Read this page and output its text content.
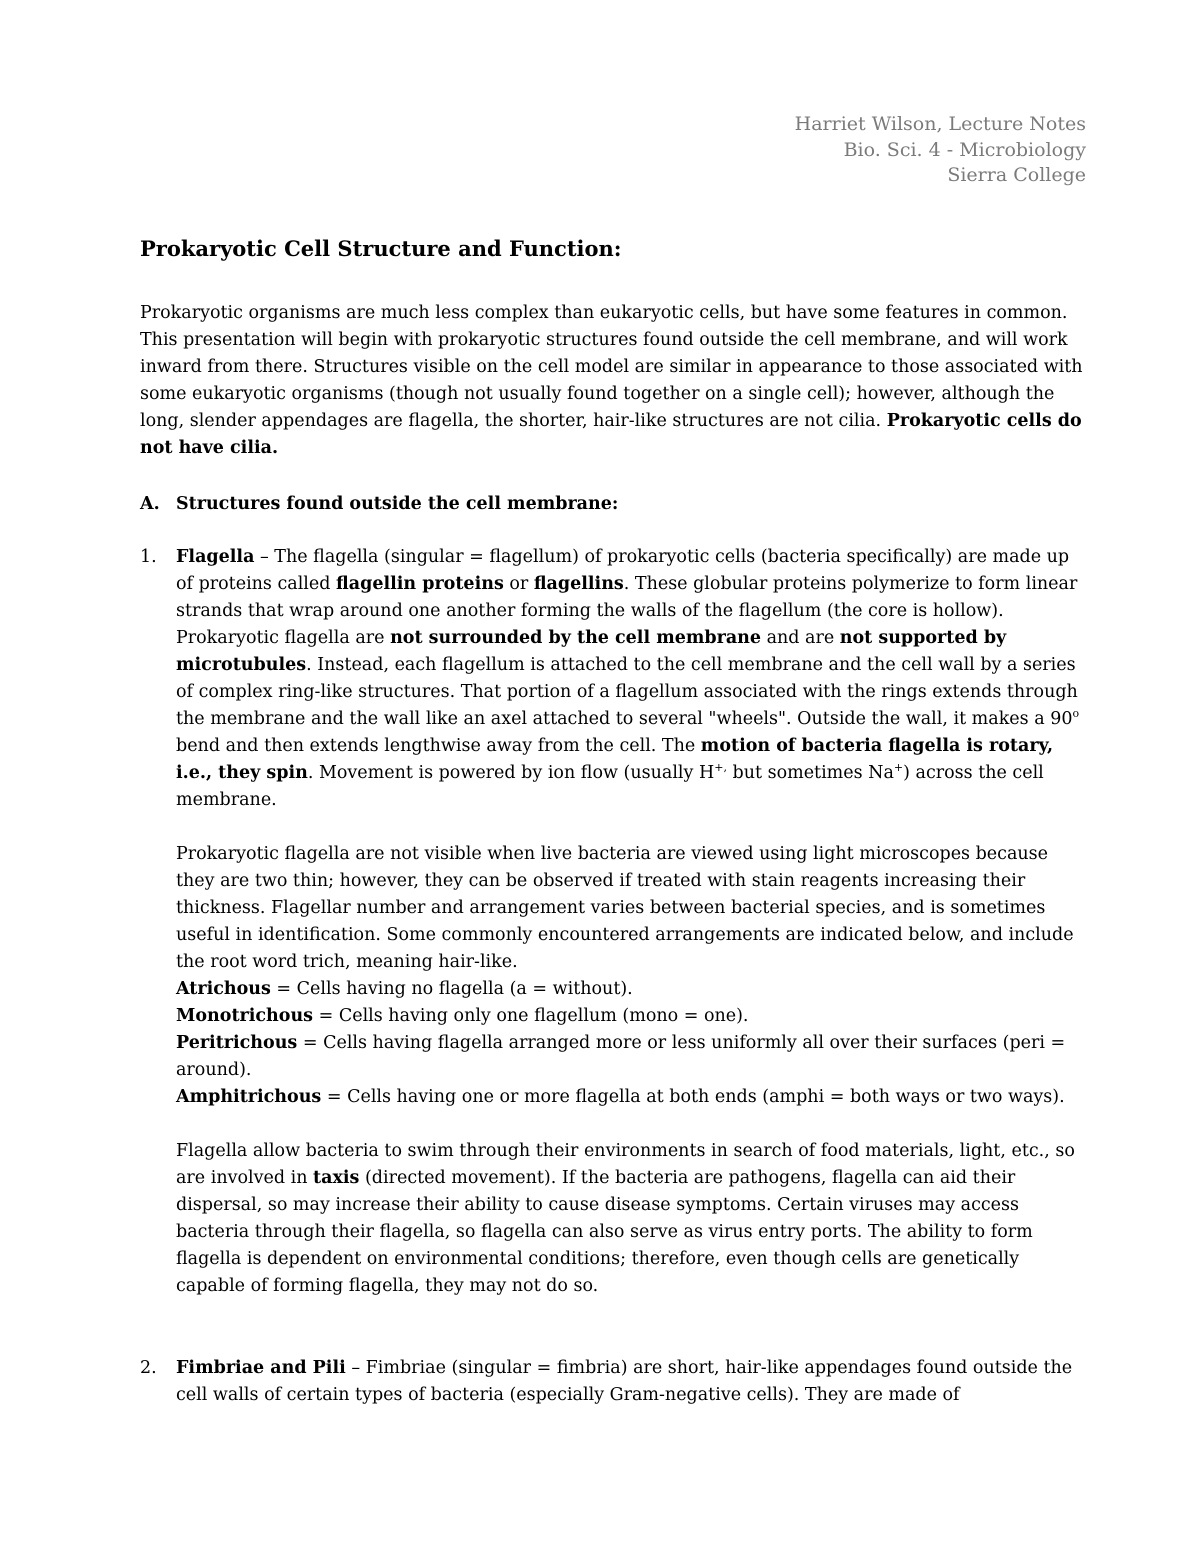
Harriet Wilson, Lecture Notes
Bio. Sci. 4 - Microbiology
Sierra College
Prokaryotic Cell Structure and Function:
Prokaryotic organisms are much less complex than eukaryotic cells, but have some features in common. This presentation will begin with prokaryotic structures found outside the cell membrane, and will work inward from there. Structures visible on the cell model are similar in appearance to those associated with some eukaryotic organisms (though not usually found together on a single cell); however, although the long, slender appendages are flagella, the shorter, hair-like structures are not cilia. Prokaryotic cells do not have cilia.
A. Structures found outside the cell membrane:
1. Flagella – The flagella (singular = flagellum) of prokaryotic cells (bacteria specifically) are made up of proteins called flagellin proteins or flagellins. These globular proteins polymerize to form linear strands that wrap around one another forming the walls of the flagellum (the core is hollow). Prokaryotic flagella are not surrounded by the cell membrane and are not supported by microtubules. Instead, each flagellum is attached to the cell membrane and the cell wall by a series of complex ring-like structures. That portion of a flagellum associated with the rings extends through the membrane and the wall like an axel attached to several "wheels". Outside the wall, it makes a 90$^o$ bend and then extends lengthwise away from the cell. The motion of bacteria flagella is rotary, i.e., they spin. Movement is powered by ion flow (usually H+, but sometimes Na+) across the cell membrane.
Prokaryotic flagella are not visible when live bacteria are viewed using light microscopes because they are two thin; however, they can be observed if treated with stain reagents increasing their thickness. Flagellar number and arrangement varies between bacterial species, and is sometimes useful in identification. Some commonly encountered arrangements are indicated below, and include the root word trich, meaning hair-like.
Atrichous = Cells having no flagella (a = without).
Monotrichous = Cells having only one flagellum (mono = one).
Peritrichous = Cells having flagella arranged more or less uniformly all over their surfaces (peri = around).
Amphitrichous = Cells having one or more flagella at both ends (amphi = both ways or two ways).
Flagella allow bacteria to swim through their environments in search of food materials, light, etc., so are involved in taxis (directed movement). If the bacteria are pathogens, flagella can aid their dispersal, so may increase their ability to cause disease symptoms. Certain viruses may access bacteria through their flagella, so flagella can also serve as virus entry ports. The ability to form flagella is dependent on environmental conditions; therefore, even though cells are genetically capable of forming flagella, they may not do so.
2. Fimbriae and Pili – Fimbriae (singular = fimbria) are short, hair-like appendages found outside the cell walls of certain types of bacteria (especially Gram-negative cells). They are made of
